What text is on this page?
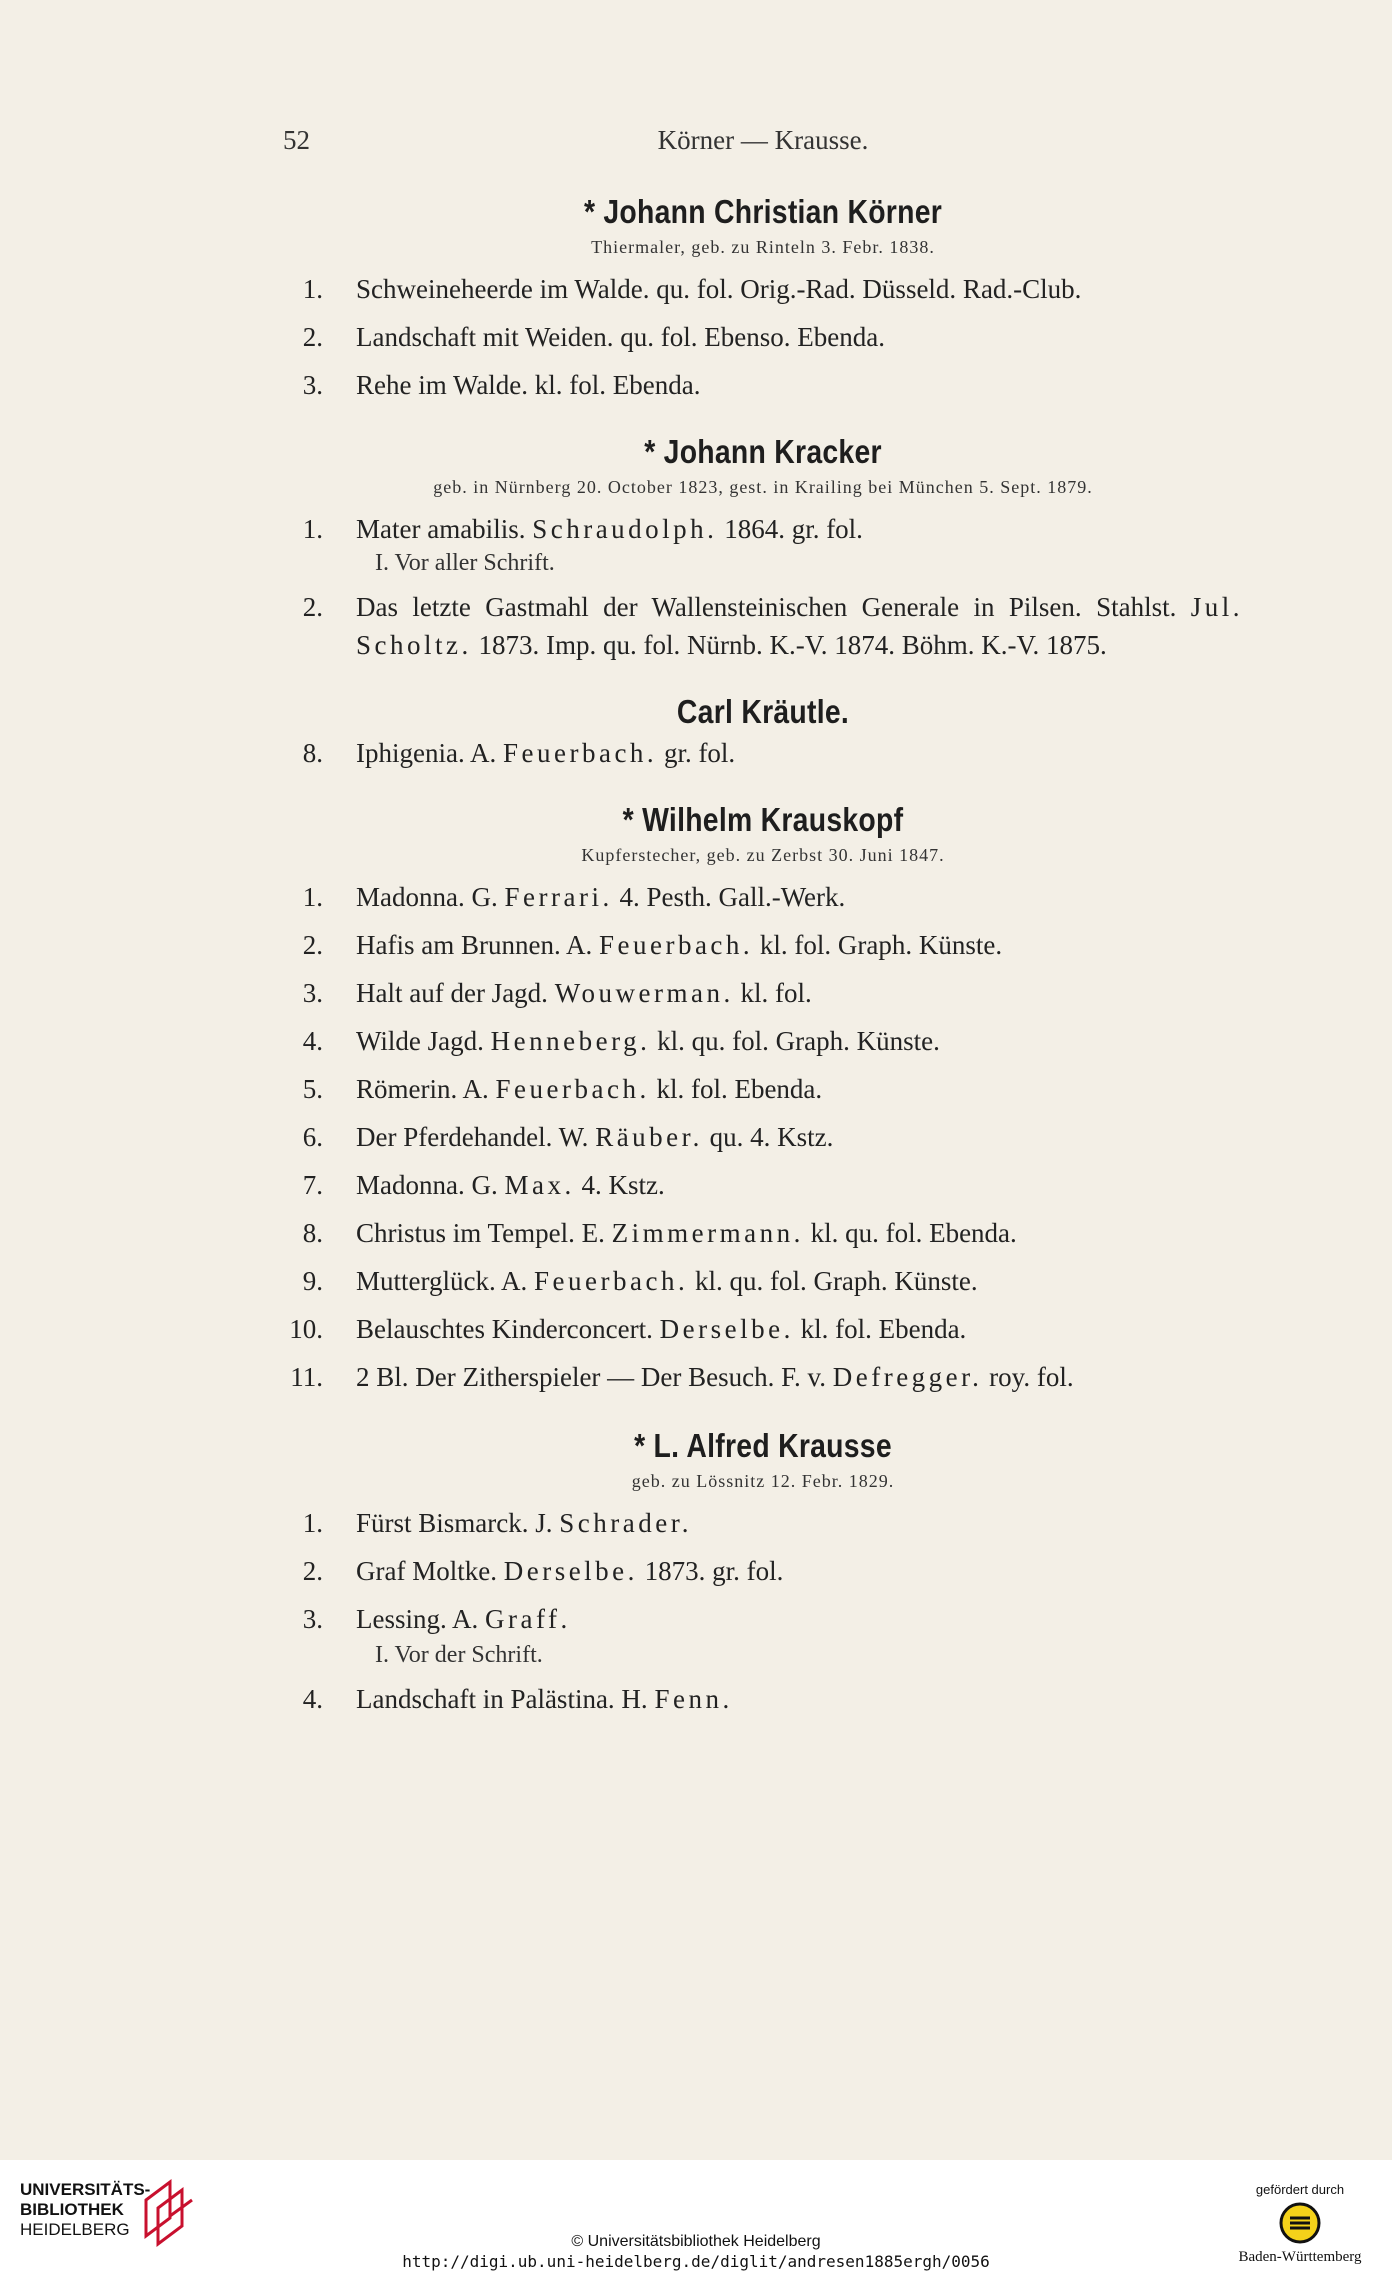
52	Körner — Krausse.
* Johann Christian Körner
Thiermaler, geb. zu Rinteln 3. Febr. 1838.
1. Schweineheerde im Walde. qu. fol. Orig.-Rad. Düsseld. Rad.-Club.
2. Landschaft mit Weiden. qu. fol. Ebenso. Ebenda.
3. Rehe im Walde. kl. fol. Ebenda.
* Johann Kracker
geb. in Nürnberg 20. October 1823, gest. in Krailing bei München 5. Sept. 1879.
1. Mater amabilis. Schraudolph. 1864. gr. fol.
I. Vor aller Schrift.
2. Das letzte Gastmahl der Wallensteinischen Generale in Pilsen. Stahlst. Jul. Scholtz. 1873. Imp. qu. fol. Nürnb. K.-V. 1874. Böhm. K.-V. 1875.
Carl Kräutle.
8. Iphigenia. A. Feuerbach. gr. fol.
* Wilhelm Krauskopf
Kupferstecher, geb. zu Zerbst 30. Juni 1847.
1. Madonna. G. Ferrari. 4. Pesth. Gall.-Werk.
2. Hafis am Brunnen. A. Feuerbach. kl. fol. Graph. Künste.
3. Halt auf der Jagd. Wouwerman. kl. fol.
4. Wilde Jagd. Henneberg. kl. qu. fol. Graph. Künste.
5. Römerin. A. Feuerbach. kl. fol. Ebenda.
6. Der Pferdehandel. W. Räuber. qu. 4. Kstz.
7. Madonna. G. Max. 4. Kstz.
8. Christus im Tempel. E. Zimmermann. kl. qu. fol. Ebenda.
9. Mutterglück. A. Feuerbach. kl. qu. fol. Graph. Künste.
10. Belauschtes Kinderconcert. Derselbe. kl. fol. Ebenda.
11. 2 Bl. Der Zitherspieler — Der Besuch. F. v. Defregger. roy. fol.
* L. Alfred Krausse
geb. zu Lössnitz 12. Febr. 1829.
1. Fürst Bismarck. J. Schrader.
2. Graf Moltke. Derselbe. 1873. gr. fol.
3. Lessing. A. Graff.
I. Vor der Schrift.
4. Landschaft in Palästina. H. Fenn.
UNIVERSITÄTS-
BIBLIOTHEK
HEIDELBERG
© Universitätsbibliothek Heidelberg
http://digi.ub.uni-heidelberg.de/diglit/andresen1885ergh/0056
gefördert durch
Baden-Württemberg
